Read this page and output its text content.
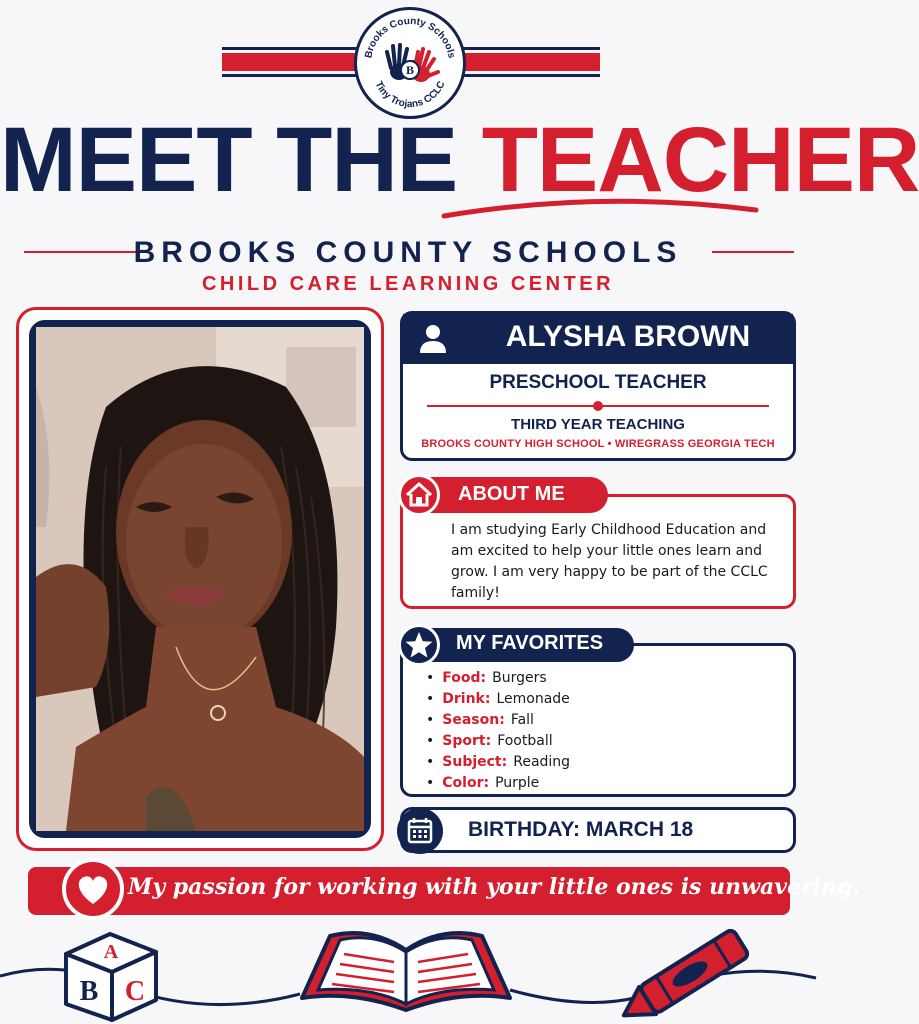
Brooks County Schools
Tiny Trojans CCLC
B
MEET THE TEACHER
BROOKS COUNTY SCHOOLS
CHILD CARE LEARNING CENTER
ALYSHA BROWN
PRESCHOOL TEACHER
THIRD YEAR TEACHING
BROOKS COUNTY HIGH SCHOOL • WIREGRASS GEORGIA TECH
ABOUT ME
I am studying Early Childhood Education and am excited to help your little ones learn and grow. I am very happy to be part of the CCLC family!
MY FAVORITES
• Food: Burgers
• Drink: Lemonade
• Season: Fall
• Sport: Football
• Subject: Reading
• Color: Purple
BIRTHDAY: MARCH 18
My passion for working with your little ones is unwavering.
A
B C
